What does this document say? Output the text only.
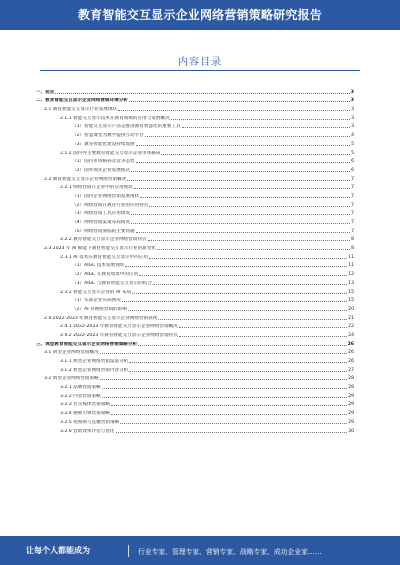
教育智能交互显示企业网络营销策略研究报告
内容目录
一、前言	3
二、教育智能交互显示企业网络营销环境分析	3
2.1 教育智能交互显示行业发展现状	3
2.1.1 智能交互显示技术在教育领域的应用与发展概况	3
（1）智能交互显示产品是推进教育智慧化的重要工具	3
（2）智慧课堂为教学提供互动平台	4
（3）教育智能化建设持续发展	5
2.1.2 国内外主要教育智能交互显示企业市场格局	5
（1）国内市场格局及竞争态势	6
（2）国外领先企业发展模式	6
2.2 教育智能交互显示企业网络营销概况	7
2.2.1 网络营销在企业中的应用现状	7
（1）国内企业网络营销发展现状	7
（2）网络营销在教育行业的应用特点	7
（3）网络营销工具应用情况	7
（4）网络营销渠道布局情况	7
（5）网络营销面临的主要问题	7
2.2.2 教育智能交互显示企业网络营销特点	8
2.3 2023 年 AI 赋能下教育智能交互显示行业的新变化	8
2.3.1 AI 技术在教育智能交互显示中的应用	11
（1）AIGC 技术发展现状	11
（2）AIGC 在教育场景中的应用	12
（3）AIGC 与教育智能交互显示的结合	13
2.3.2 智能交互显示企业的 AI 布局	15
（1）头部企业布局情况	15
（2）AI 对网络营销的影响	20
2.4 2022-2023 年教育智能交互显示企业网络营销表现	21
2.4.1 2022-2023 年教育智能交互显示企业网络营销概况	22
2.4.2 2022-2023 年教育智能交互显示企业网络营销特点	24
三、典型教育智能交互显示企业网络营销策略分析	26
3.1 典型企业网络营销概况	26
3.1.1 典型企业网络营销渠道分析	26
3.1.2 典型企业网络营销内容分析	27
3.2 典型企业网络营销策略	28
3.2.1 品牌营销策略	28
3.2.2 内容营销策略	29
3.2.3 社交媒体营销策略	29
3.2.4 搜索引擎营销策略	29
3.2.5 短视频与直播营销策略	29
3.2.6 营销效果评估与优化	30
让每个人都能成为	行业专家、管理专家、营销专家、战略专家、成功企业家……
